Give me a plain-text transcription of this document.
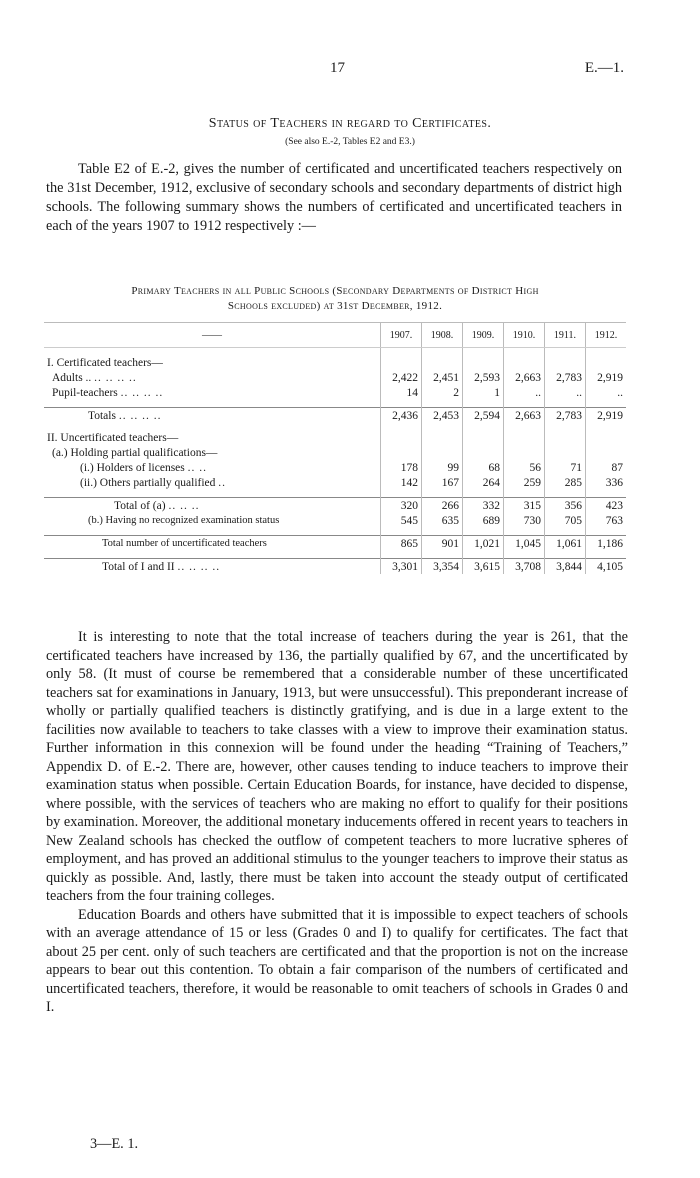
17	E.—1.
Status of Teachers in regard to Certificates.
(See also E.-2, Tables E2 and E3.)

Table E2 of E.-2, gives the number of certificated and uncertificated teachers respectively on the 31st December, 1912, exclusive of secondary schools and secondary departments of district high schools. The following summary shows the numbers of certificated and uncertificated teachers in each of the years 1907 to 1912 respectively :—

Primary Teachers in all Public Schools (Secondary Departments of District High
Schools excluded) at 31st December, 1912.
——	1907.	1908.	1909.	1910.	1911.	1912.

I. Certificated teachers—						
Adults .. .. .. .. ..	2,422	2,451	2,593	2,663	2,783	2,919
Pupil-teachers .. .. .. ..	14	2	1	..	..	..

Totals .. .. .. ..	2,436	2,453	2,594	2,663	2,783	2,919

II. Uncertificated teachers—						
(a.) Holding partial qualifications—						
(i.) Holders of licenses .. ..	178	99	68	56	71	87
(ii.) Others partially qualified ..	142	167	264	259	285	336

Total of (a) .. .. ..	320	266	332	315	356	423
(b.) Having no recognized examination status	545	635	689	730	705	763

Total number of uncertificated teachers	865	901	1,021	1,045	1,061	1,186

Total of I and II .. .. .. ..	3,301	3,354	3,615	3,708	3,844	4,105

It is interesting to note that the total increase of teachers during the year is 261, that the certificated teachers have increased by 136, the partially qualified by 67, and the uncertificated by only 58. (It must of course be remembered that a considerable number of these uncertificated teachers sat for examinations in January, 1913, but were unsuccessful). This preponderant increase of wholly or partially qualified teachers is distinctly gratifying, and is due in a large extent to the facilities now available to teachers to take classes with a view to improve their examination status. Further information in this connexion will be found under the heading “Training of Teachers,” Appendix D. of E.-2. There are, however, other causes tending to induce teachers to improve their examination status when possible. Certain Education Boards, for instance, have decided to dispense, where possible, with the services of teachers who are making no effort to qualify for their positions by examination. Moreover, the additional monetary inducements offered in recent years to teachers in New Zealand schools has checked the outflow of competent teachers to more lucrative spheres of employment, and has proved an additional stimulus to the younger teachers to improve their status as quickly as possible. And, lastly, there must be taken into account the steady output of certificated teachers from the four training colleges.

Education Boards and others have submitted that it is impossible to expect teachers of schools with an average attendance of 15 or less (Grades 0 and I) to qualify for certificates. The fact that about 25 per cent. only of such teachers are certificated and that the proportion is not on the increase appears to bear out this contention. To obtain a fair comparison of the numbers of certificated and uncertificated teachers, therefore, it would be reasonable to omit teachers of schools in Grades 0 and I.

3—E. 1.
